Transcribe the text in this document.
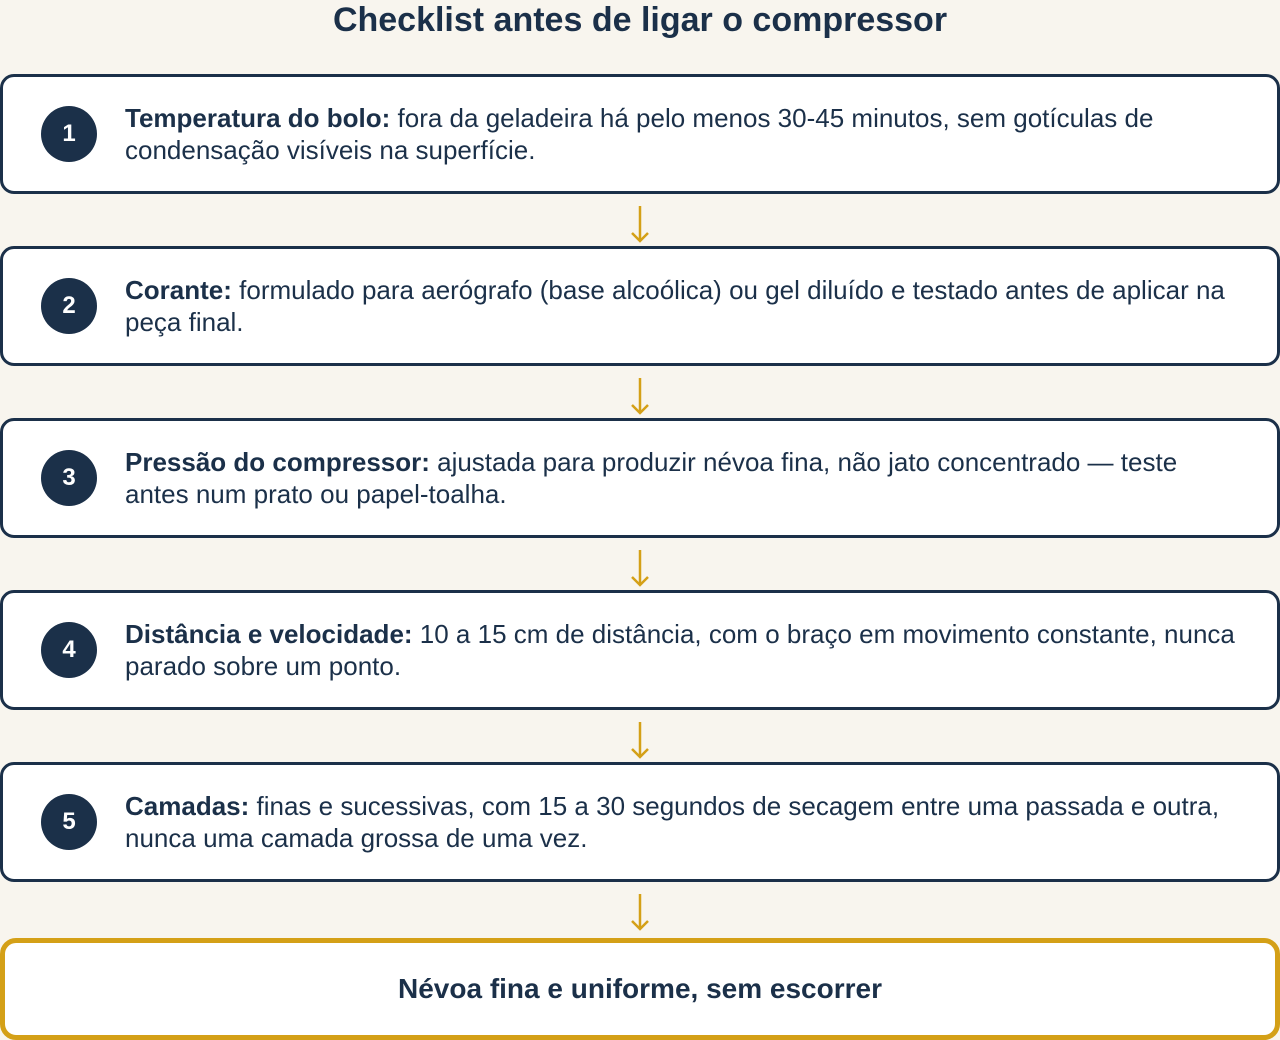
Checklist antes de ligar o compressor
1
Temperatura do bolo: fora da geladeira há pelo menos 30-45 minutos, sem gotículas de condensação visíveis na superfície.
2
Corante: formulado para aerógrafo (base alcoólica) ou gel diluído e testado antes de aplicar na peça final.
3
Pressão do compressor: ajustada para produzir névoa fina, não jato concentrado — teste antes num prato ou papel-toalha.
4
Distância e velocidade: 10 a 15 cm de distância, com o braço em movimento constante, nunca parado sobre um ponto.
5
Camadas: finas e sucessivas, com 15 a 30 segundos de secagem entre uma passada e outra, nunca uma camada grossa de uma vez.
Névoa fina e uniforme, sem escorrer
